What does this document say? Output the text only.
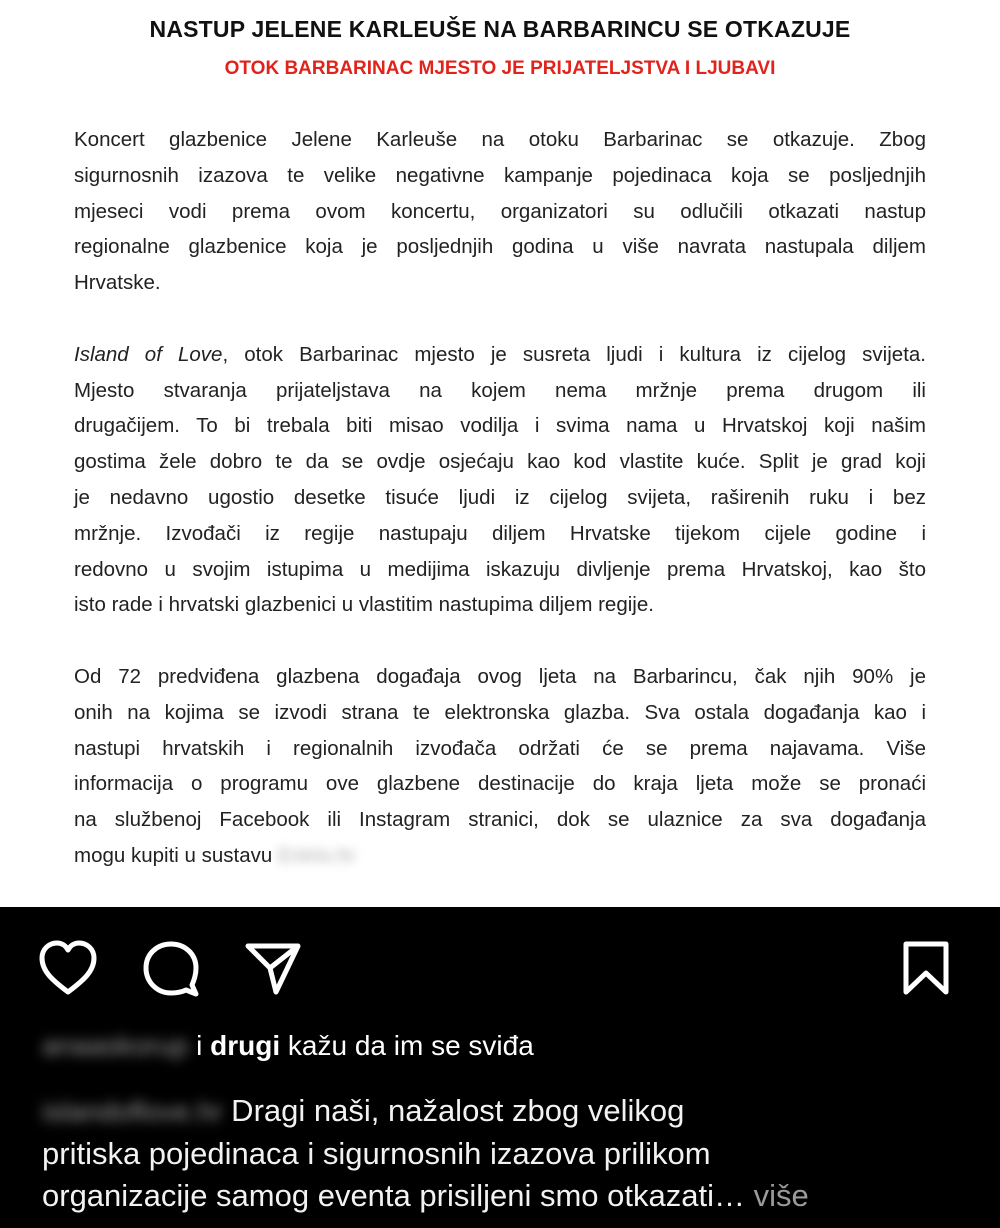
NASTUP JELENE KARLEUŠE NA BARBARINCU SE OTKAZUJE
OTOK BARBARINAC MJESTO JE PRIJATELJSTVA I LJUBAVI
Koncert glazbenice Jelene Karleuše na otoku Barbarinac se otkazuje. Zbog
sigurnosnih izazova te velike negativne kampanje pojedinaca koja se posljednjih
mjeseci vodi prema ovom koncertu, organizatori su odlučili otkazati nastup
regionalne glazbenice koja je posljednjih godina u više navrata nastupala diljem
Hrvatske.
Island of Love, otok Barbarinac mjesto je susreta ljudi i kultura iz cijelog svijeta.
Mjesto stvaranja prijateljstava na kojem nema mržnje prema drugom ili
drugačijem. To bi trebala biti misao vodilja i svima nama u Hrvatskoj koji našim
gostima žele dobro te da se ovdje osjećaju kao kod vlastite kuće. Split je grad koji
je nedavno ugostio desetke tisuće ljudi iz cijelog svijeta, raširenih ruku i bez
mržnje. Izvođači iz regije nastupaju diljem Hrvatske tijekom cijele godine i
redovno u svojim istupima u medijima iskazuju divljenje prema Hrvatskoj, kao što
isto rade i hrvatski glazbenici u vlastitim nastupima diljem regije.
Od 72 predviđena glazbena događaja ovog ljeta na Barbarincu, čak njih 90% je
onih na kojima se izvodi strana te elektronska glazba. Sva ostala događanja kao i
nastupi hrvatskih i regionalnih izvođača održati će se prema najavama. Više
informacija o programu ove glazbene destinacije do kraja ljeta može se pronaći
na službenoj Facebook ili Instagram stranici, dok se ulaznice za sva događanja
mogu kupiti u sustavu Entrio.hr
anaaskorup i drugi kažu da im se sviđa
islandoflove.hr Dragi naši, nažalost zbog velikog
pritiska pojedinaca i sigurnosnih izazova prilikom
organizacije samog eventa prisiljeni smo otkazati… više
